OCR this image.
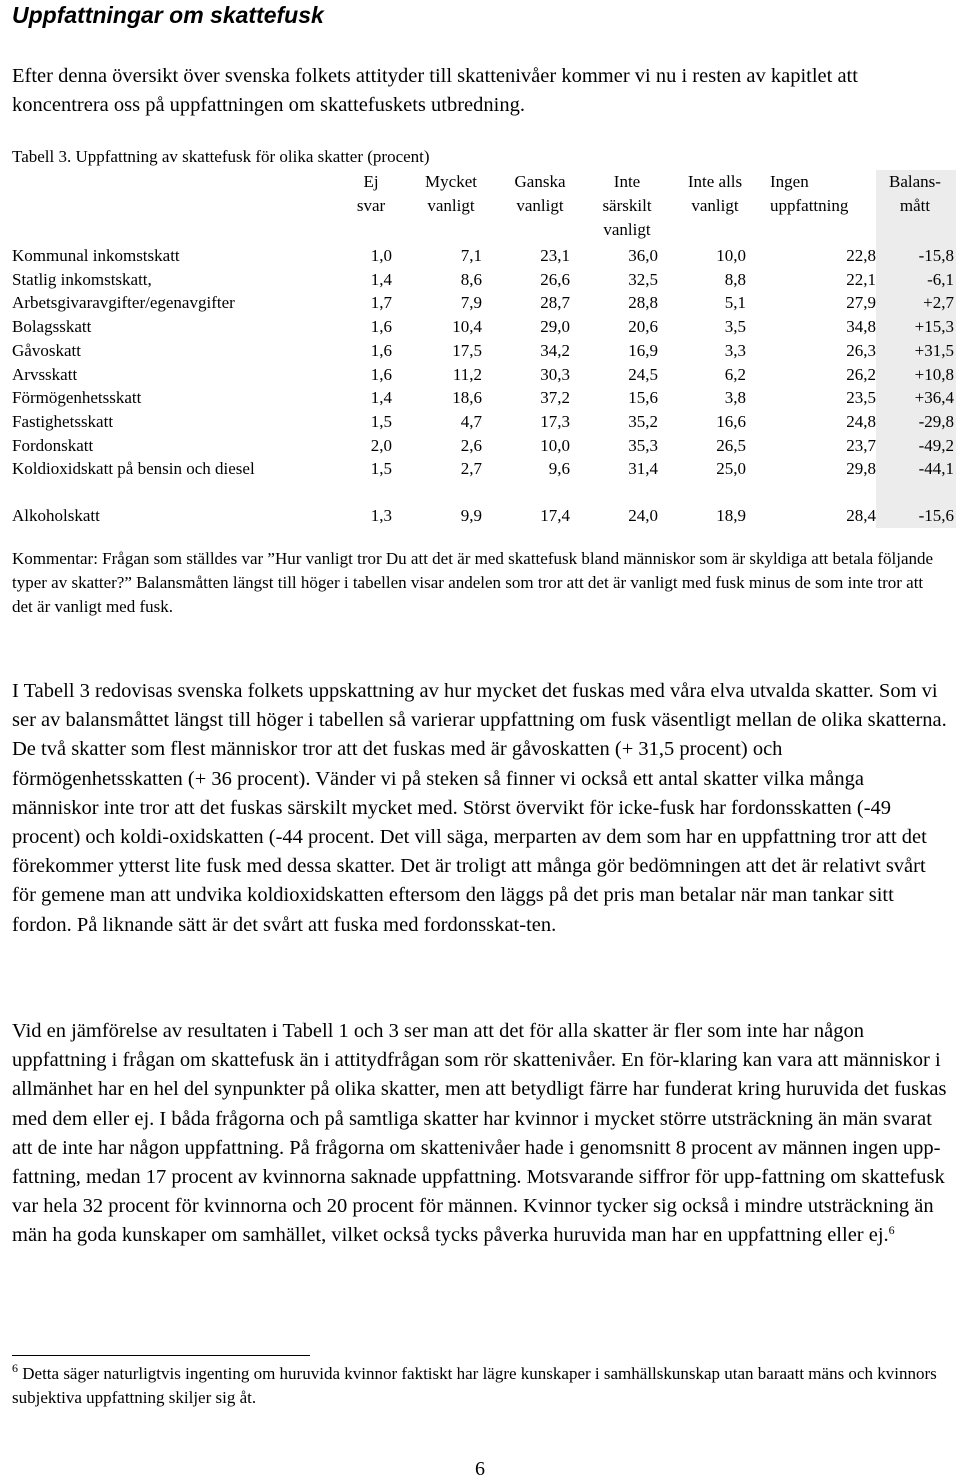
Uppfattningar om skattefusk

Efter denna översikt över svenska folkets attityder till skattenivåer kommer vi nu i resten av kapitlet att koncentrera oss på uppfattningen om skattefuskets utbredning.

Tabell 3. Uppfattning av skattefusk för olika skatter (procent)

	Ej svar	Mycket vanligt	Ganska vanligt	Inte särskilt vanligt	Inte alls vanligt	Ingen uppfattning	Balans-mått
Kommunal inkomstskatt	1,0	7,1	23,1	36,0	10,0	22,8	-15,8
Statlig inkomstskatt,	1,4	8,6	26,6	32,5	8,8	22,1	-6,1
Arbetsgivaravgifter/egenavgifter	1,7	7,9	28,7	28,8	5,1	27,9	+2,7
Bolagsskatt	1,6	10,4	29,0	20,6	3,5	34,8	+15,3
Gåvoskatt	1,6	17,5	34,2	16,9	3,3	26,3	+31,5
Arvsskatt	1,6	11,2	30,3	24,5	6,2	26,2	+10,8
Förmögenhetsskatt	1,4	18,6	37,2	15,6	3,8	23,5	+36,4
Fastighetsskatt	1,5	4,7	17,3	35,2	16,6	24,8	-29,8
Fordonskatt	2,0	2,6	10,0	35,3	26,5	23,7	-49,2
Koldioxidskatt på bensin och diesel	1,5	2,7	9,6	31,4	25,0	29,8	-44,1
Alkoholskatt	1,3	9,9	17,4	24,0	18,9	28,4	-15,6

Kommentar: Frågan som ställdes var ”Hur vanligt tror Du att det är med skattefusk bland människor som är skyldiga att betala följande typer av skatter?” Balansmåtten längst till höger i tabellen visar andelen som tror att det är vanligt med fusk minus de som inte tror att det är vanligt med fusk.

I Tabell 3 redovisas svenska folkets uppskattning av hur mycket det fuskas med våra elva utvalda skatter. Som vi ser av balansmåttet längst till höger i tabellen så varierar uppfattning om fusk väsentligt mellan de olika skatterna. De två skatter som flest människor tror att det fuskas med är gåvoskatten (+ 31,5 procent) och förmögenhetsskatten (+ 36 procent). Vänder vi på steken så finner vi också ett antal skatter vilka många människor inte tror att det fuskas särskilt mycket med. Störst övervikt för icke-fusk har fordonsskatten (-49 procent) och koldi-oxidskatten (-44 procent. Det vill säga, merparten av dem som har en uppfattning tror att det förekommer ytterst lite fusk med dessa skatter. Det är troligt att många gör bedömningen att det är relativt svårt för gemene man att undvika koldioxidskatten eftersom den läggs på det pris man betalar när man tankar sitt fordon. På liknande sätt är det svårt att fuska med fordonsskat-ten.

Vid en jämförelse av resultaten i Tabell 1 och 3 ser man att det för alla skatter är fler som inte har någon uppfattning i frågan om skattefusk än i attitydfrågan som rör skattenivåer. En för-klaring kan vara att människor i allmänhet har en hel del synpunkter på olika skatter, men att betydligt färre har funderat kring huruvida det fuskas med dem eller ej. I båda frågorna och på samtliga skatter har kvinnor i mycket större utsträckning än män svarat att de inte har någon uppfattning. På frågorna om skattenivåer hade i genomsnitt 8 procent av männen ingen upp-fattning, medan 17 procent av kvinnorna saknade uppfattning. Motsvarande siffror för upp-fattning om skattefusk var hela 32 procent för kvinnorna och 20 procent för männen. Kvinnor tycker sig också i mindre utsträckning än män ha goda kunskaper om samhället, vilket också tycks påverka huruvida man har en uppfattning eller ej.$^6$

$^6$ Detta säger naturligtvis ingenting om huruvida kvinnor faktiskt har lägre kunskaper i samhällskunskap utan baraatt mäns och kvinnors subjektiva uppfattning skiljer sig åt.

6
